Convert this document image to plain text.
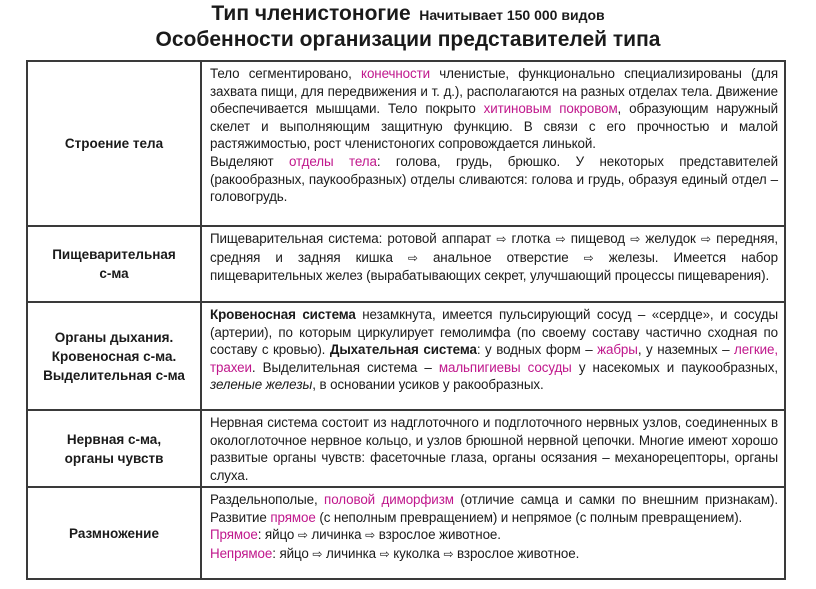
Тип членистоногие Начитывает 150 000 видов
Особенности организации представителей типа
Строение тела

Тело сегментировано, конечности членистые, функционально специализированы (для захвата пищи, для передвижения и т. д.), располагаются на разных отделах тела. Движение обеспечивается мышцами. Тело покрыто хитиновым покровом, образующим наружный скелет и выполняющим защитную функцию. В связи с его прочностью и малой растяжимостью, рост членистоногих сопровождается линькой.

Выделяют отделы тела: голова, грудь, брюшко. У некоторых представителей (ракообразных, паукообразных) отделы сливаются: голова и грудь, образуя единый отдел – головогрудь.

Пищеварительная
с-ма

Пищеварительная система: ротовой аппарат ⇨ глотка ⇨ пищевод ⇨ желудок ⇨ передняя, средняя и задняя кишка ⇨ анальное отверстие ⇨ железы. Имеется набор пищеварительных желез (вырабатывающих секрет, улучшающий процессы пищеварения).

Органы дыхания.
Кровеносная с-ма.
Выделительная с-ма

Кровеносная система незамкнута, имеется пульсирующий сосуд – «сердце», и сосуды (артерии), по которым циркулирует гемолимфа (по своему составу частично сходная по составу с кровью). Дыхательная система: у водных форм – жабры, у наземных – легкие, трахеи. Выделительная система – мальпигиевы сосуды у насекомых и паукообразных, зеленые железы, в основании усиков у ракообразных.

Нервная с-ма,
органы чувств

Нервная система состоит из надглоточного и подглоточного нервных узлов, соединенных в окологлоточное нервное кольцо, и узлов брюшной нервной цепочки. Многие имеют хорошо развитые органы чувств: фасеточные глаза, органы осязания – механорецепторы, органы слуха.

Размножение

Раздельнополые, половой диморфизм (отличие самца и самки по внешним признакам). Развитие прямое (с неполным превращением) и непрямое (с полным превращением).

Прямое: яйцо ⇨ личинка ⇨ взрослое животное.

Непрямое: яйцо ⇨ личинка ⇨ куколка ⇨ взрослое животное.
